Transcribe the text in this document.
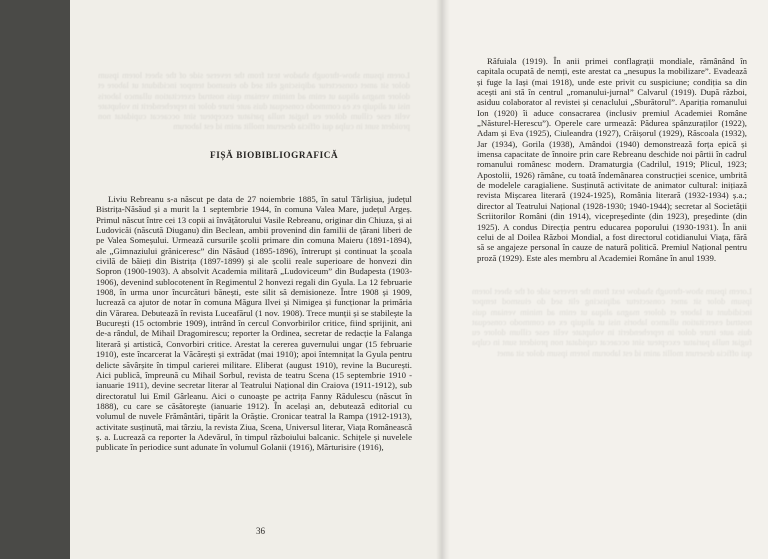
Lorem ipsum show-through shadow text from the reverse side of the sheet lorem ipsum dolor sit amet consectetur adipiscing elit sed do eiusmod tempor incididunt ut labore et dolore magna aliqua ut enim ad minim veniam quis nostrud exercitation ullamco laboris nisi ut aliquip ex ea commodo consequat duis aute irure dolor in reprehenderit in voluptate velit esse cillum dolore eu fugiat nulla pariatur excepteur sint occaecat cupidatat non proident sunt in culpa qui officia deserunt mollit anim id est laborum
Lorem ipsum show-through shadow text from the reverse side of the sheet lorem ipsum dolor sit amet consectetur adipiscing elit sed do eiusmod tempor incididunt ut labore et dolore magna aliqua ut enim ad minim veniam quis nostrud exercitation ullamco laboris nisi ut aliquip ex ea commodo consequat duis aute irure dolor in reprehenderit in voluptate velit esse cillum dolore eu fugiat nulla pariatur excepteur sint occaecat cupidatat non proident sunt in culpa qui officia deserunt mollit anim id est laborum lorem ipsum dolor sit amet
FIȘĂ BIOBIBLIOGRAFICĂ

Liviu Rebreanu s-a născut pe data de 27 noiembrie 1885, în satul Târlișiua, județul Bistrița-Năsăud și a murit la 1 septembrie 1944, în comuna Valea Mare, județul Argeș. Primul născut între cei 13 copii ai învățătorului Vasile Rebreanu, originar din Chiuza, și ai Ludovicăi (născută Diuganu) din Beclean, ambii provenind din familii de țărani liberi de pe Valea Someșului. Urmează cursurile școlii primare din comuna Maieru (1891-1894), ale „Gimnaziului grăniceresc” din Năsăud (1895-1896), întrerupt și continuat la școala civilă de băieți din Bistrița (1897-1899) și ale școlii reale superioare de honvezi din Sopron (1900-1903). A absolvit Academia militară „Ludoviceum” din Budapesta (1903-1906), devenind sublocotenent în Regimentul 2 honvezi regali din Gyula. La 12 februarie 1908, în urma unor încurcături bănești, este silit să demisioneze. Între 1908 și 1909, lucrează ca ajutor de notar în comuna Măgura Ilvei și Nimigea și funcționar la primăria din Vărarea. Debutează în revista Luceafărul (1 nov. 1908). Trece munții și se stabilește la București (15 octombrie 1909), intrând în cercul Convorbirilor critice, fiind sprijinit, ani de-a rândul, de Mihail Dragomirescu; reporter la Ordinea, secretar de redacție la Falanga literară și artistică, Convorbiri critice. Arestat la cererea guvernului ungar (15 februarie 1910), este încarcerat la Văcărești și extrădat (mai 1910); apoi întemnițat la Gyula pentru delicte săvârșite în timpul carierei militare. Eliberat (august 1910), revine la București. Aici publică, împreună cu Mihail Sorbul, revista de teatru Scena (15 septembrie 1910 - ianuarie 1911), devine secretar literar al Teatrului Național din Craiova (1911-1912), sub directoratul lui Emil Gârleanu. Aici o cunoaște pe actrița Fanny Rădulescu (născut în 1888), cu care se căsătorește (ianuarie 1912). În același an, debutează editorial cu volumul de nuvele Frământări, tipărit la Orăștie. Cronicar teatral la Rampa (1912-1913), activitate susținută, mai târziu, la revista Ziua, Scena, Universul literar, Viața Românească ș. a. Lucrează ca reporter la Adevărul, în timpul războiului balcanic. Schițele și nuvelele publicate în periodice sunt adunate în volumul Golanii (1916), Mărturisire (1916),

Răfuiala (1919). În anii primei conflagrații mondiale, rămânând în capitala ocupată de nemți, este arestat ca „nesupus la mobilizare”. Evadează și fuge la Iași (mai 1918), unde este privit cu suspiciune; condiția sa din acești ani stă în centrul „romanului-jurnal” Calvarul (1919). După război, asiduu colaborator al revistei și cenaclului „Sburătorul”. Apariția romanului Ion (1920) îi aduce consacrarea (inclusiv premiul Academiei Române „Năsturel-Herescu”). Operele care urmează: Pădurea spânzuraților (1922), Adam și Eva (1925), Ciuleandra (1927), Crăișorul (1929), Răscoala (1932), Jar (1934), Gorila (1938), Amândoi (1940) demonstrează forța epică și imensa capacitate de înnoire prin care Rebreanu deschide noi pârtii în cadrul romanului românesc modern. Dramaturgia (Cadrilul, 1919; Plicul, 1923; Apostolii, 1926) rămâne, cu toată îndemânarea construcției scenice, umbrită de modelele caragialiene. Susținută activitate de animator cultural: inițiază revista Mișcarea literară (1924-1925), România literară (1932-1934) ș.a.; director al Teatrului Național (1928-1930; 1940-1944); secretar al Societății Scriitorilor Români (din 1914), vicepreședinte (din 1923), președinte (din 1925). A condus Direcția pentru educarea poporului (1930-1931). În anii celui de al Doilea Război Mondial, a fost directorul cotidianului Viața, fără să se angajeze personal în cauze de natură politică. Premiul Național pentru proză (1929). Este ales membru al Academiei Române în anul 1939.

36
